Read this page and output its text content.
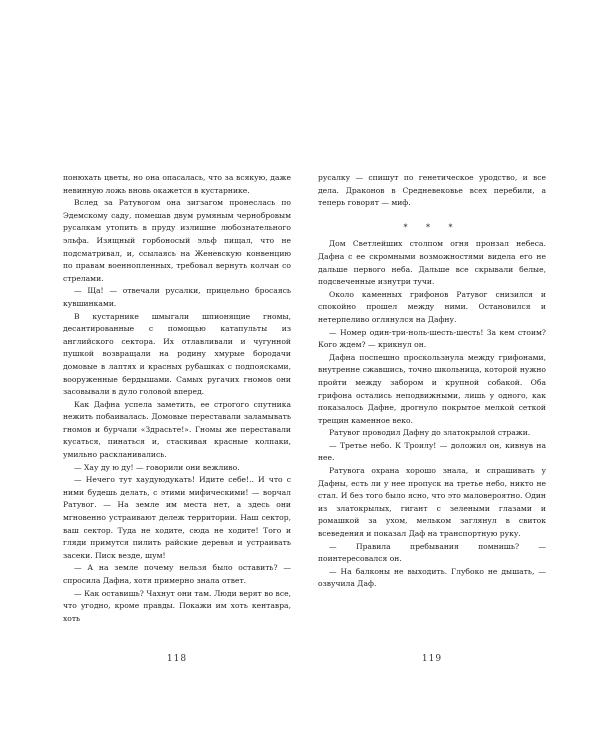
понюхать цветы, но она опасалась, что за всякую, даже невинную ложь вновь окажется в кустарнике.

Вслед за Ратувогом она зигзагом пронеслась по Эдемскому саду, помешав двум румяным чернобровым русалкам утопить в пруду излишне любознательного эльфа. Изящный горбоносый эльф пищал, что не подсматривал, и, ссылаясь на Женевскую конвенцию по правам военнопленных, требовал вернуть колчан со стрелами.

— Ща! — отвечали русалки, прицельно бросаясь кувшинками.

В кустарнике шмыгали шпионящие гномы, десантированные с помощью катапульты из английского сектора. Их отлавливали и чугунной пушкой возвращали на родину хмурые бородачи домовые в лаптях и красных рубашках с подпоясками, вооруженные бердышами. Самых ругачих гномов они засовывали в дуло головой вперед.

Как Дафна успела заметить, ее строгого спутника нежить побаивалась. Домовые переставали заламывать гномов и бурчали «Здрасьте!». Гномы же переставали кусаться, пинаться и, стаскивая красные колпаки, умильно раскланивались.

— Хау ду ю ду! — говорили они вежливо.

— Нечего тут хаудуюдукать! Идите себе!.. И что с ними будешь делать, с этими мифическими! — ворчал Ратувог. — На земле им места нет, а здесь они мгновенно устраивают дележ территории. Наш сектор, ваш сектор. Туда не ходите, сюда не ходите! Того и гляди примутся пилить райские деревья и устраивать засеки. Писк везде, шум!

— А на земле почему нельзя было оставить? — спросила Дафна, хотя примерно знала ответ.

— Как оставишь? Чахнут они там. Люди верят во все, что угодно, кроме правды. Покажи им хоть кентавра, хоть

русалку — спишут по генетическое уродство, и все дела. Драконов в Средневековье всех перебили, а теперь говорят — миф.

* * *

Дом Светлейших столпом огня пронзал небеса. Дафна с ее скромными возможностями видела его не дальше первого неба. Дальше все скрывали белые, подсвеченные изнутри тучи.

Около каменных грифонов Ратувог снизился и спокойно прошел между ними. Остановился и нетерпеливо оглянулся на Дафну.

— Номер один-три-ноль-шесть-шесть! За кем стоим? Кого ждем? — крикнул он.

Дафна поспешно проскользнула между грифонами, внутренне сжавшись, точно школьница, которой нужно пройти между забором и крупной собакой. Оба грифона остались неподвижными, лишь у одного, как показалось Дафне, дрогнуло покрытое мелкой сеткой трещин каменное веко.

Ратувог проводил Дафну до златокрылой стражи.

— Третье небо. К Троилу! — доложил он, кивнув на нее.

Ратувога охрана хорошо знала, и спрашивать у Дафны, есть ли у нее пропуск на третье небо, никто не стал. И без того было ясно, что это маловероятно. Один из златокрылых, гигант с зелеными глазами и ромашкой за ухом, мельком заглянул в свиток всеведения и показал Даф на транспортную руку.

— Правила пребывания помнишь? — поинтересовался он.

— На балконы не выходить. Глубоко не дышать, — озвучила Даф.

118	119
